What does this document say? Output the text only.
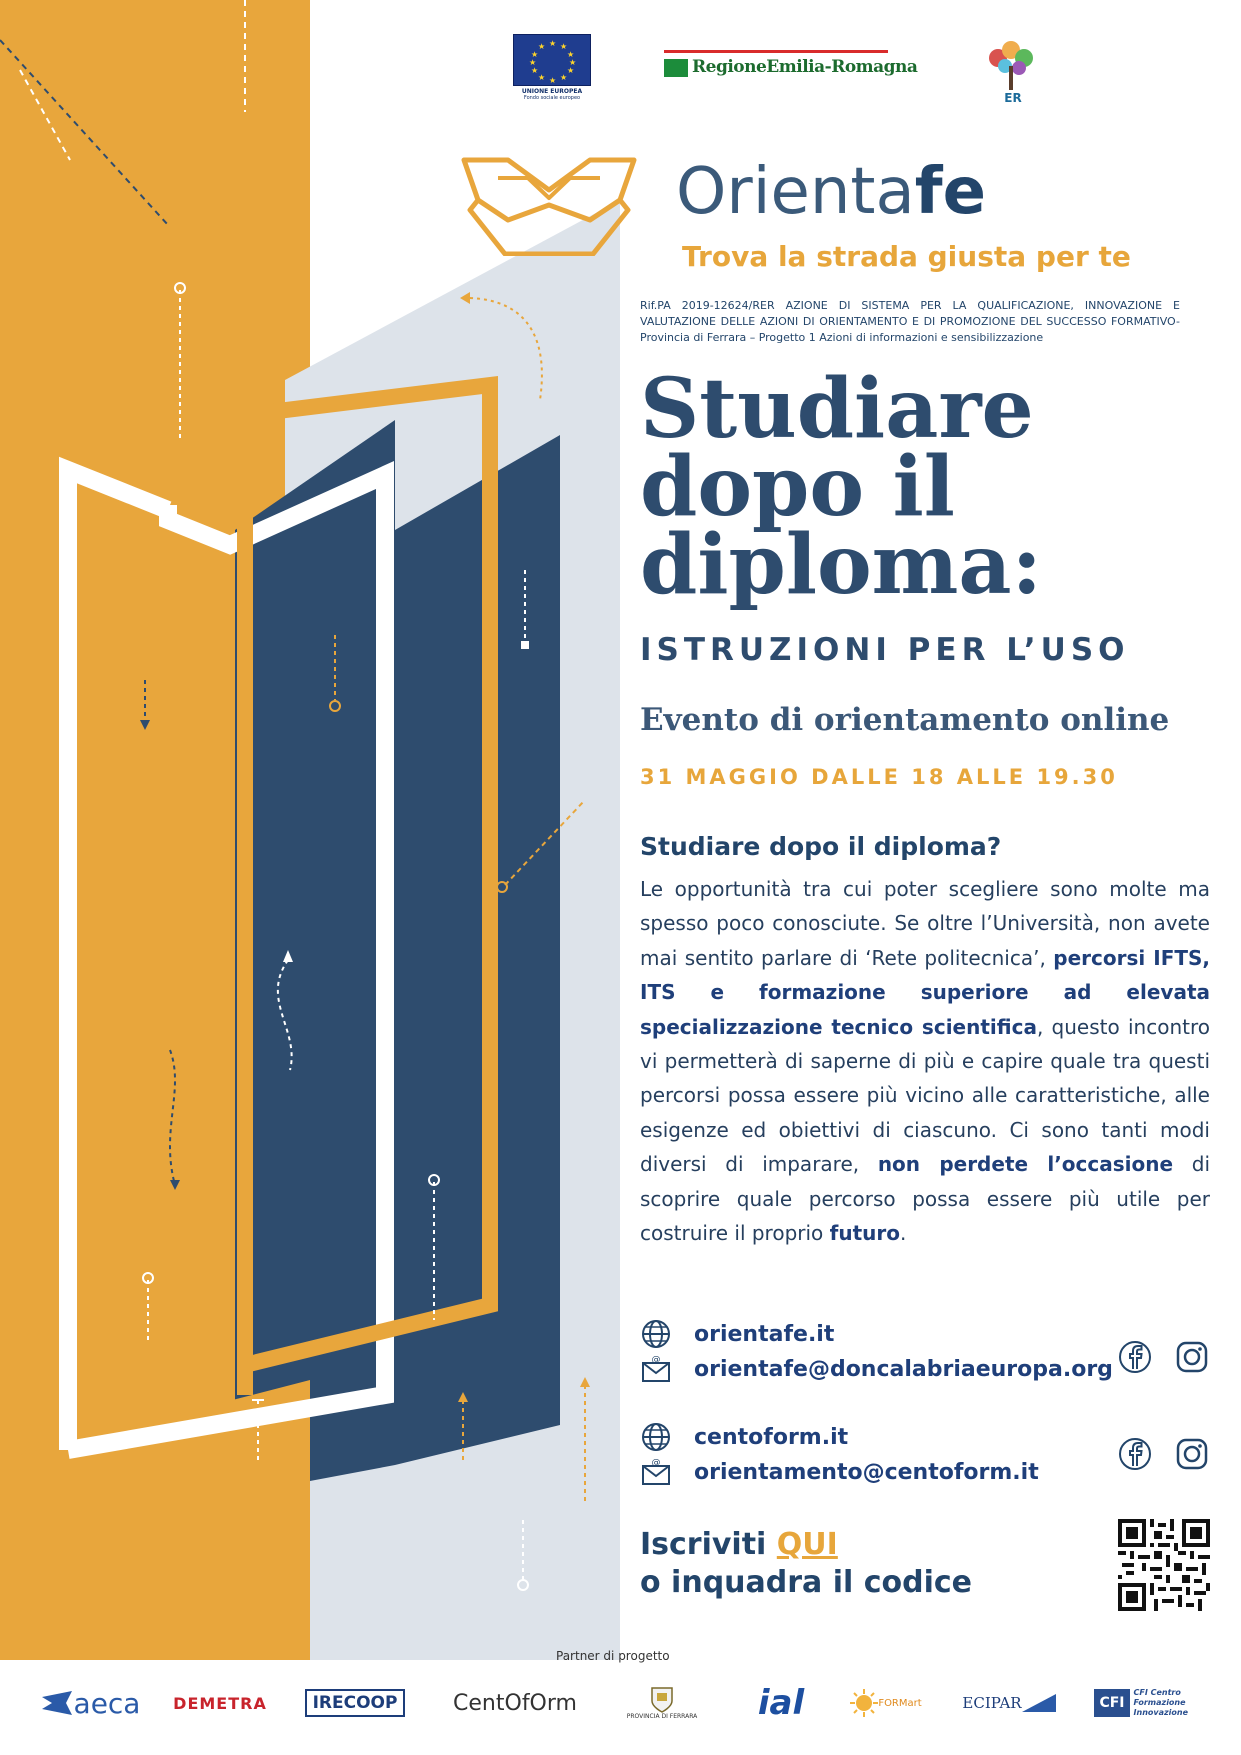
★ ★
★
★
★
★
★
★
★
★
★
★
UNIONE EUROPEA
Fondo sociale europeo
RegioneEmilia-Romagna
ER
Orientafe
Trova la strada giusta per te
Rif.PA 2019-12624/RER AZIONE DI SISTEMA PER LA QUALIFICAZIONE, INNOVAZIONE E VALUTAZIONE DELLE AZIONI DI ORIENTAMENTO E DI PROMOZIONE DEL SUCCESSO FORMATIVO- Provincia di Ferrara – Progetto 1 Azioni di informazioni e sensibilizzazione
Studiare
dopo il
diploma:
ISTRUZIONI PER L’USO
Evento di orientamento online
31 MAGGIO DALLE 18 ALLE 19.30
Studiare dopo il diploma?
Le opportunità tra cui poter scegliere sono molte ma spesso poco conosciute. Se oltre l’Università, non avete mai sentito parlare di ‘Rete politecnica’, percorsi IFTS, ITS e formazione superiore ad elevata specializzazione tecnico scientifica, questo incontro vi permetterà di saperne di più e capire quale tra questi percorsi possa essere più vicino alle caratteristiche, alle esigenze ed obiettivi di ciascuno. Ci sono tanti modi diversi di imparare, non perdete l’occasione di scoprire quale percorso possa essere più utile per costruire il proprio futuro.
orientafe.it
@ orientafe@doncalabriaeuropa.org
centoform.it
@ orientamento@centoform.it
Iscriviti QUI
o inquadra il codice
Partner di progetto
aeca DEMETRA	IRECOOP	CentOfOrm
PROVINCIA DI FERRARA ial	FORMart	ECIPAR	CFI
CFI Centro Formazione Innovazione
